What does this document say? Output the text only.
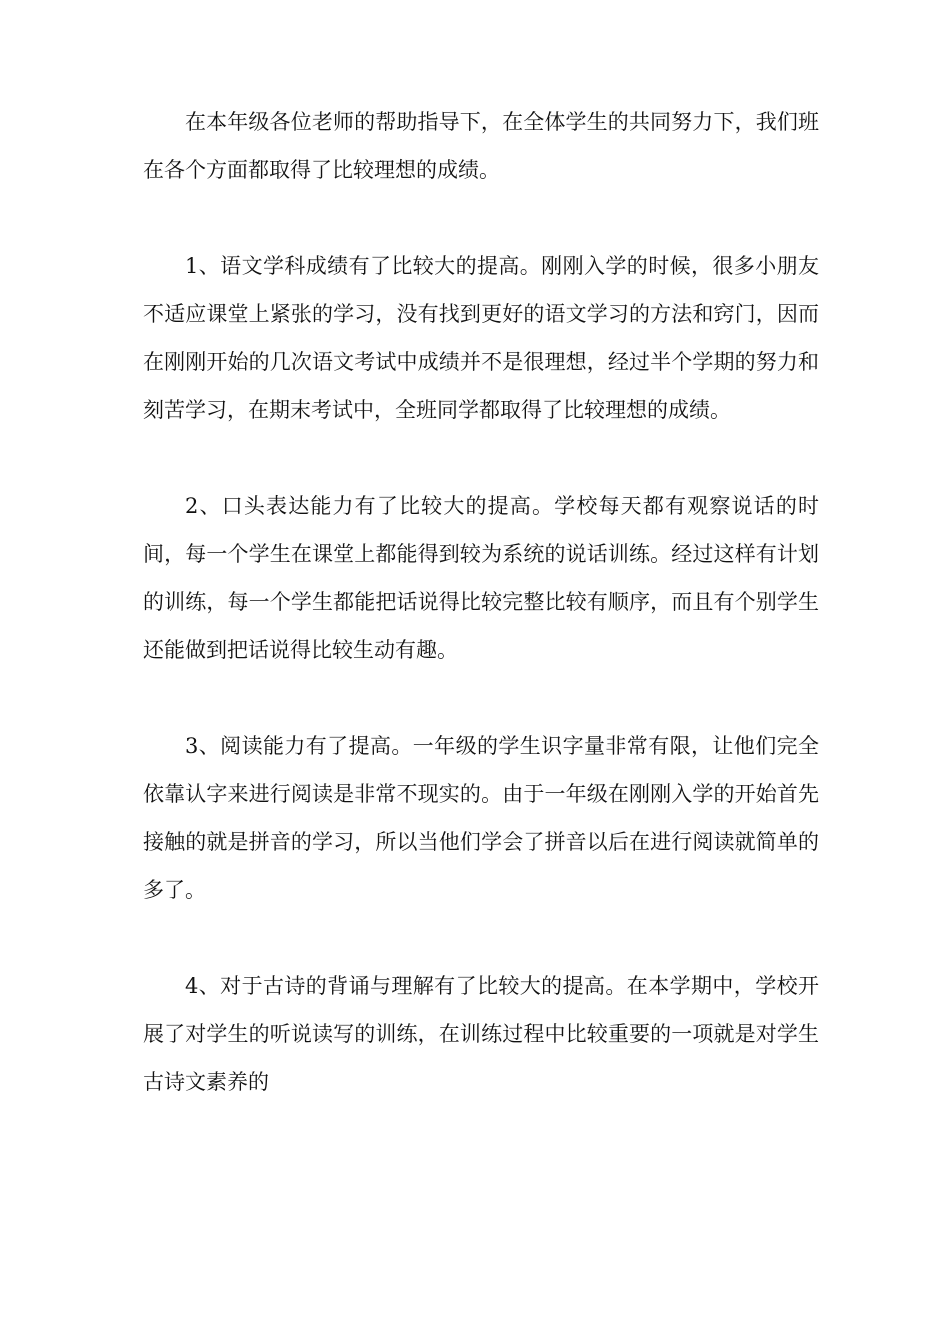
在本年级各位老师的帮助指导下，在全体学生的共同努力下，我们班在各个方面都取得了比较理想的成绩。

1、语文学科成绩有了比较大的提高。刚刚入学的时候，很多小朋友不适应课堂上紧张的学习，没有找到更好的语文学习的方法和窍门，因而在刚刚开始的几次语文考试中成绩并不是很理想，经过半个学期的努力和刻苦学习，在期末考试中，全班同学都取得了比较理想的成绩。

2、口头表达能力有了比较大的提高。学校每天都有观察说话的时间，每一个学生在课堂上都能得到较为系统的说话训练。经过这样有计划的训练，每一个学生都能把话说得比较完整比较有顺序，而且有个别学生还能做到把话说得比较生动有趣。

3、阅读能力有了提高。一年级的学生识字量非常有限，让他们完全依靠认字来进行阅读是非常不现实的。由于一年级在刚刚入学的开始首先接触的就是拼音的学习，所以当他们学会了拼音以后在进行阅读就简单的多了。

4、对于古诗的背诵与理解有了比较大的提高。在本学期中，学校开展了对学生的听说读写的训练，在训练过程中比较重要的一项就是对学生古诗文素养的
